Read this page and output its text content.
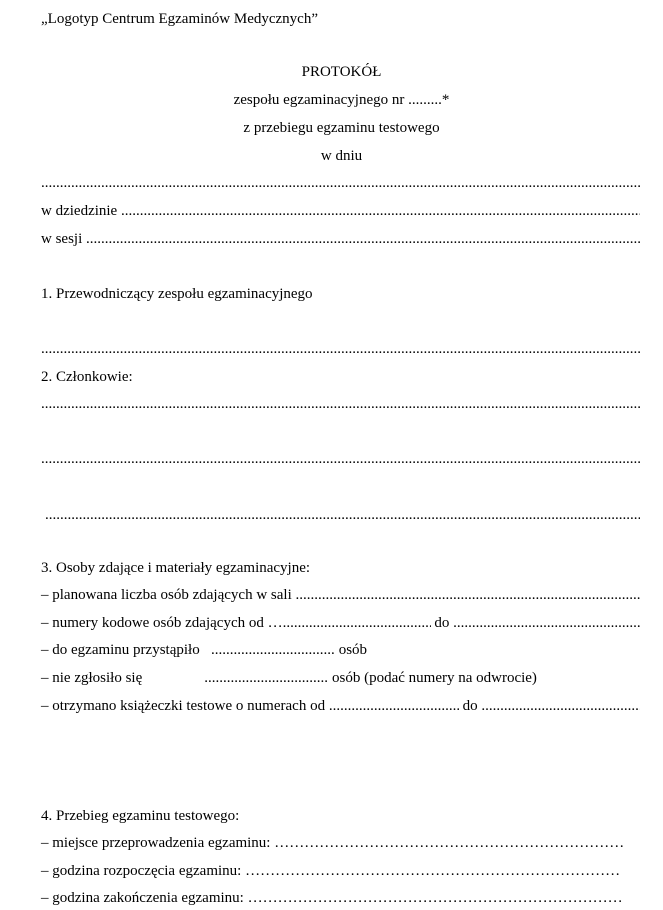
„Logotyp Centrum Egzaminów Medycznych”
PROTOKÓŁ
zespołu egzaminacyjnego nr .........*
z przebiegu egzaminu testowego
w dniu
.....
w dziedzinie

.....
w sesji

.....
1. Przewodniczący zespołu egzaminacyjnego
.....
2. Członkowie:
.....
.....
.....
3. Osoby zdające i materiały egzaminacyjne:
– planowana liczba osób zdających w sali

.....
– numery kodowe osób zdających od
… .....
	do

.....
– do egzaminu przystąpiło .....	osób
– nie zgłosiło się .....	osób (podać numery na odwrocie)
– otrzymano książeczki testowe o numerach od
.....
	do

.....
4. Przebieg egzaminu testowego:
– miejsce przeprowadzenia egzaminu: …………………………………………………………………………………………………………………………
– godzina rozpoczęcia egzaminu: …………………………………………………………………………………………………………………………
– godzina zakończenia egzaminu: …………………………………………………………………………………………………………………………
